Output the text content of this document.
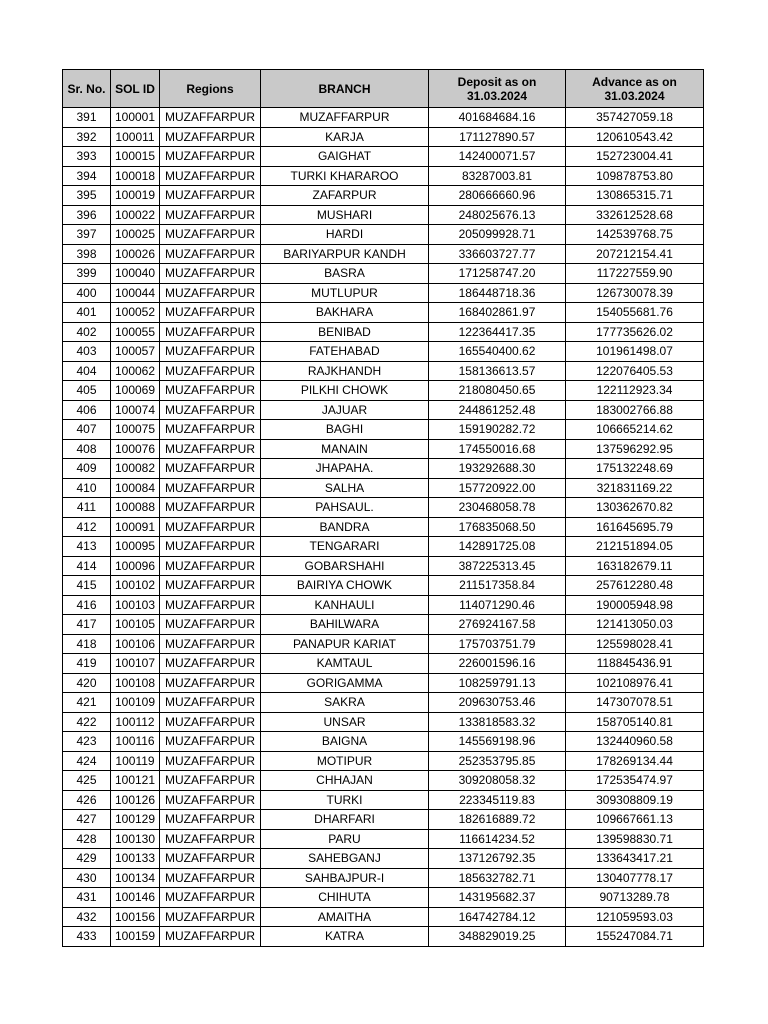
Sr. No.	SOL ID	Regions	BRANCH	Deposit as on 31.03.2024	Advance as on 31.03.2024
391	100001	MUZAFFARPUR	MUZAFFARPUR	401684684.16	357427059.18
392	100011	MUZAFFARPUR	KARJA	171127890.57	120610543.42
393	100015	MUZAFFARPUR	GAIGHAT	142400071.57	152723004.41
394	100018	MUZAFFARPUR	TURKI KHARAROO	83287003.81	109878753.80
395	100019	MUZAFFARPUR	ZAFARPUR	280666660.96	130865315.71
396	100022	MUZAFFARPUR	MUSHARI	248025676.13	332612528.68
397	100025	MUZAFFARPUR	HARDI	205099928.71	142539768.75
398	100026	MUZAFFARPUR	BARIYARPUR KANDH	336603727.77	207212154.41
399	100040	MUZAFFARPUR	BASRA	171258747.20	117227559.90
400	100044	MUZAFFARPUR	MUTLUPUR	186448718.36	126730078.39
401	100052	MUZAFFARPUR	BAKHARA	168402861.97	154055681.76
402	100055	MUZAFFARPUR	BENIBAD	122364417.35	177735626.02
403	100057	MUZAFFARPUR	FATEHABAD	165540400.62	101961498.07
404	100062	MUZAFFARPUR	RAJKHANDH	158136613.57	122076405.53
405	100069	MUZAFFARPUR	PILKHI CHOWK	218080450.65	122112923.34
406	100074	MUZAFFARPUR	JAJUAR	244861252.48	183002766.88
407	100075	MUZAFFARPUR	BAGHI	159190282.72	106665214.62
408	100076	MUZAFFARPUR	MANAIN	174550016.68	137596292.95
409	100082	MUZAFFARPUR	JHAPAHA.	193292688.30	175132248.69
410	100084	MUZAFFARPUR	SALHA	157720922.00	321831169.22
411	100088	MUZAFFARPUR	PAHSAUL.	230468058.78	130362670.82
412	100091	MUZAFFARPUR	BANDRA	176835068.50	161645695.79
413	100095	MUZAFFARPUR	TENGARARI	142891725.08	212151894.05
414	100096	MUZAFFARPUR	GOBARSHAHI	387225313.45	163182679.11
415	100102	MUZAFFARPUR	BAIRIYA CHOWK	211517358.84	257612280.48
416	100103	MUZAFFARPUR	KANHAULI	114071290.46	190005948.98
417	100105	MUZAFFARPUR	BAHILWARA	276924167.58	121413050.03
418	100106	MUZAFFARPUR	PANAPUR KARIAT	175703751.79	125598028.41
419	100107	MUZAFFARPUR	KAMTAUL	226001596.16	118845436.91
420	100108	MUZAFFARPUR	GORIGAMMA	108259791.13	102108976.41
421	100109	MUZAFFARPUR	SAKRA	209630753.46	147307078.51
422	100112	MUZAFFARPUR	UNSAR	133818583.32	158705140.81
423	100116	MUZAFFARPUR	BAIGNA	145569198.96	132440960.58
424	100119	MUZAFFARPUR	MOTIPUR	252353795.85	178269134.44
425	100121	MUZAFFARPUR	CHHAJAN	309208058.32	172535474.97
426	100126	MUZAFFARPUR	TURKI	223345119.83	309308809.19
427	100129	MUZAFFARPUR	DHARFARI	182616889.72	109667661.13
428	100130	MUZAFFARPUR	PARU	116614234.52	139598830.71
429	100133	MUZAFFARPUR	SAHEBGANJ	137126792.35	133643417.21
430	100134	MUZAFFARPUR	SAHBAJPUR-I	185632782.71	130407778.17
431	100146	MUZAFFARPUR	CHIHUTA	143195682.37	90713289.78
432	100156	MUZAFFARPUR	AMAITHA	164742784.12	121059593.03
433	100159	MUZAFFARPUR	KATRA	348829019.25	155247084.71
